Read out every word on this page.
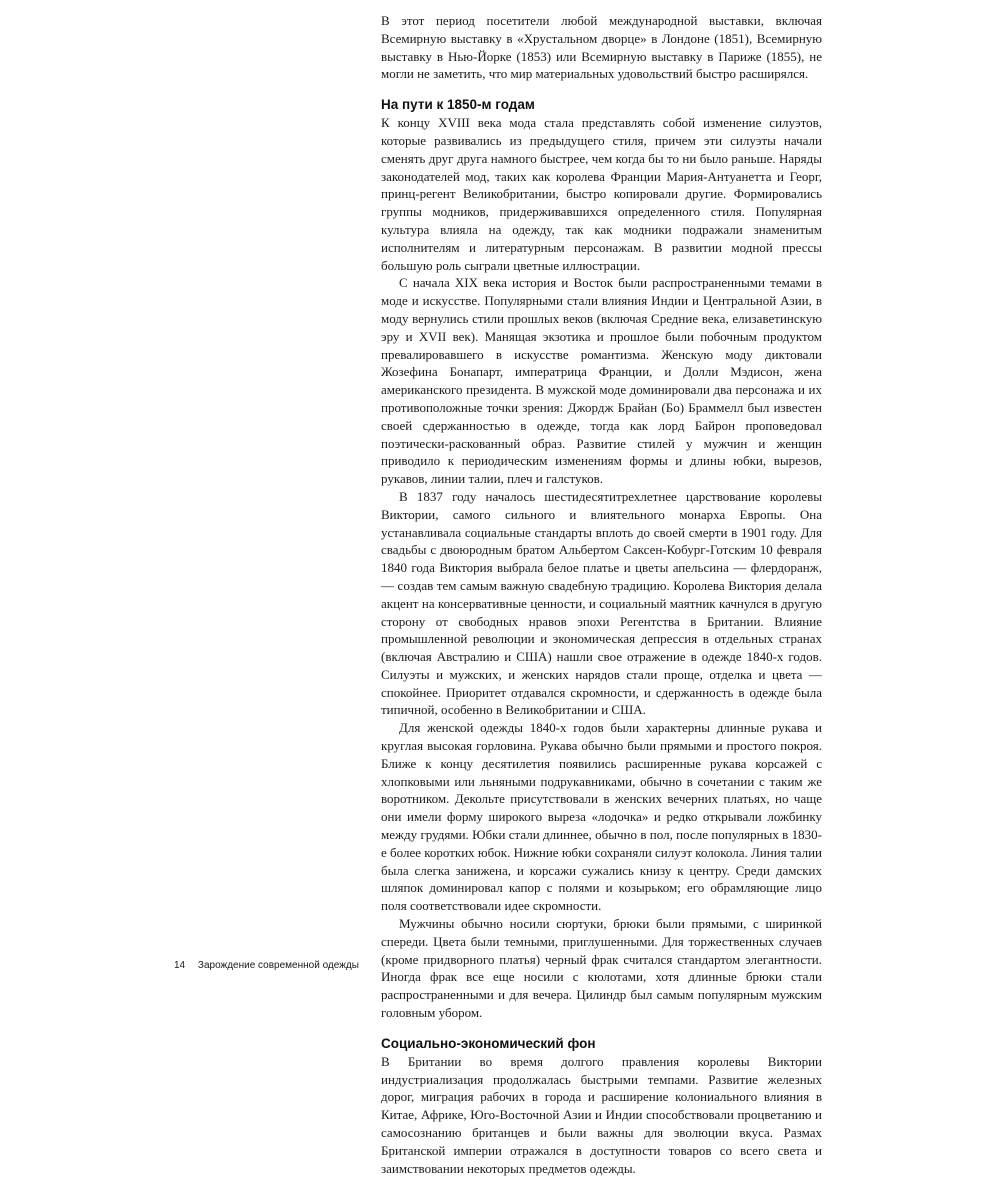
В этот период посетители любой международной выставки, включая Всемирную выставку в «Хрустальном дворце» в Лондоне (1851), Всемирную выставку в Нью-Йорке (1853) или Всемирную выставку в Париже (1855), не могли не заметить, что мир материальных удовольствий быстро расширялся.

На пути к 1850-м годам

К концу XVIII века мода стала представлять собой изменение силуэтов, которые развивались из предыдущего стиля, причем эти силуэты начали сменять друг друга намного быстрее, чем когда бы то ни было раньше. Наряды законодателей мод, таких как королева Франции Мария-Антуанетта и Георг, принц-регент Великобритании, быстро копировали другие. Формировались группы модников, придерживавшихся определенного стиля. Популярная культура влияла на одежду, так как модники подражали знаменитым исполнителям и литературным персонажам. В развитии модной прессы большую роль сыграли цветные иллюстрации.

С начала XIX века история и Восток были распространенными темами в моде и искусстве. Популярными стали влияния Индии и Центральной Азии, в моду вернулись стили прошлых веков (включая Средние века, елизаветинскую эру и XVII век). Манящая экзотика и прошлое были побочным продуктом превалировавшего в искусстве романтизма. Женскую моду диктовали Жозефина Бонапарт, императрица Франции, и Долли Мэдисон, жена американского президента. В мужской моде доминировали два персонажа и их противоположные точки зрения: Джордж Брайан (Бо) Браммелл был известен своей сдержанностью в одежде, тогда как лорд Байрон проповедовал поэтически-раскованный образ. Развитие стилей у мужчин и женщин приводило к периодическим изменениям формы и длины юбки, вырезов, рукавов, линии талии, плеч и галстуков.

В 1837 году началось шестидесятитрехлетнее царствование королевы Виктории, самого сильного и влиятельного монарха Европы. Она устанавливала социальные стандарты вплоть до своей смерти в 1901 году. Для свадьбы с двоюродным братом Альбертом Саксен-Кобург-Готским 10 февраля 1840 года Виктория выбрала белое платье и цветы апельсина — флердоранж, — создав тем самым важную свадебную традицию. Королева Виктория делала акцент на консервативные ценности, и социальный маятник качнулся в другую сторону от свободных нравов эпохи Регентства в Британии. Влияние промышленной революции и экономическая депрессия в отдельных странах (включая Австралию и США) нашли свое отражение в одежде 1840-х годов. Силуэты и мужских, и женских нарядов стали проще, отделка и цвета — спокойнее. Приоритет отдавался скромности, и сдержанность в одежде была типичной, особенно в Великобритании и США.

Для женской одежды 1840-х годов были характерны длинные рукава и круглая высокая горловина. Рукава обычно были прямыми и простого покроя. Ближе к концу десятилетия появились расширенные рукава корсажей с хлопковыми или льняными подрукавниками, обычно в сочетании с таким же воротником. Декольте присутствовали в женских вечерних платьях, но чаще они имели форму широкого выреза «лодочка» и редко открывали ложбинку между грудями. Юбки стали длиннее, обычно в пол, после популярных в 1830-е более коротких юбок. Нижние юбки сохраняли силуэт колокола. Линия талии была слегка занижена, и корсажи сужались книзу к центру. Среди дамских шляпок доминировал капор с полями и козырьком; его обрамляющие лицо поля соответствовали идее скромности.

Мужчины обычно носили сюртуки, брюки были прямыми, с ширинкой спереди. Цвета были темными, приглушенными. Для торжественных случаев (кроме придворного платья) черный фрак считался стандартом элегантности. Иногда фрак все еще носили с кюлотами, хотя длинные брюки стали распространенными и для вечера. Цилиндр был самым популярным мужским головным убором.

Социально-экономический фон

В Британии во время долгого правления королевы Виктории индустриализация продолжалась быстрыми темпами. Развитие железных дорог, миграция рабочих в города и расширение колониального влияния в Китае, Африке, Юго-Восточной Азии и Индии способствовали процветанию и самосознанию британцев и были важны для эволюции вкуса. Размах Британской империи отражался в доступности товаров со всего света и заимствовании некоторых предметов одежды.

14 Зарождение современной одежды
